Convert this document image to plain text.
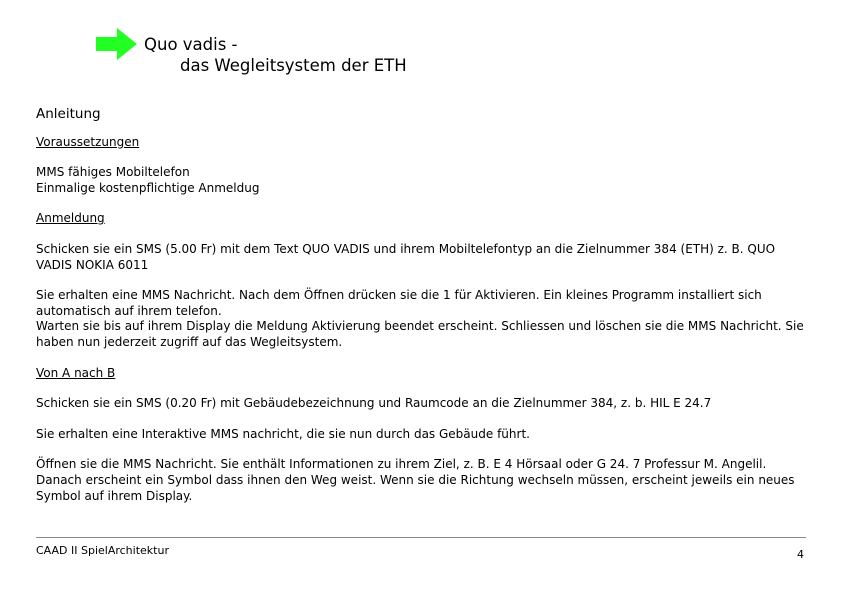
Quo vadis -
das Wegleitsystem der ETH

Anleitung

Voraussetzungen

MMS fähiges Mobiltelefon

Einmalige kostenpflichtige Anmeldug

Anmeldung

Schicken sie ein SMS (5.00 Fr) mit dem Text QUO VADIS und ihrem Mobiltelefontyp an die Zielnummer 384 (ETH) z. B. QUO VADIS NOKIA 6011

Sie erhalten eine MMS Nachricht. Nach dem Öffnen drücken sie die 1 für Aktivieren. Ein kleines Programm installiert sich automatisch auf ihrem telefon.

Warten sie bis auf ihrem Display die Meldung Aktivierung beendet erscheint. Schliessen und löschen sie die MMS Nachricht. Sie haben nun jederzeit zugriff auf das Wegleitsystem.

Von A nach B

Schicken sie ein SMS (0.20 Fr) mit Gebäudebezeichnung und Raumcode an die Zielnummer 384, z. b. HIL E 24.7

Sie erhalten eine Interaktive MMS nachricht, die sie nun durch das Gebäude führt.

Öffnen sie die MMS Nachricht. Sie enthält Informationen zu ihrem Ziel, z. B. E 4 Hörsaal oder G 24. 7 Professur M. Angelil. Danach erscheint ein Symbol dass ihnen den Weg weist. Wenn sie die Richtung wechseln müssen, erscheint jeweils ein neues Symbol auf ihrem Display.

CAAD II SpielArchitektur	4
